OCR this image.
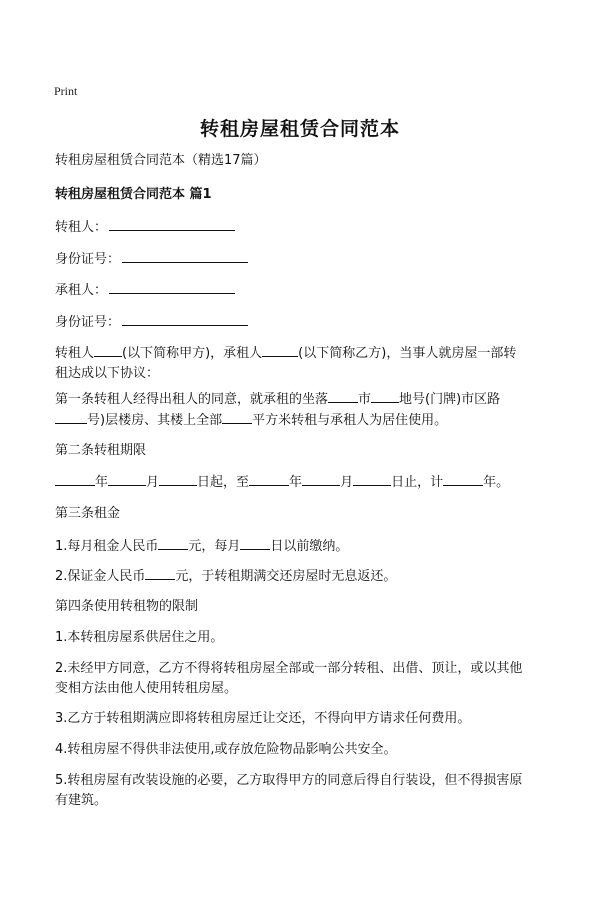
Print
转租房屋租赁合同范本
转租房屋租赁合同范本（精选17篇）
转租房屋租赁合同范本 篇1
转租人：
身份证号：
承租人：
身份证号：
转租人 (以下简称甲方)，承租人	(以下简称乙方)，当事人就房屋一部转
租达成以下协议：
第一条转租人经得出租人的同意，就承租的坐落 市 地号(门牌)市区路
号)层楼房、其楼上全部 平方米转租与承租人为居住使用。
第二条转租期限
年	月	日起，至	年	月	日止，计	年。
第三条租金
1.每月租金人民币 元，每月 日以前缴纳。
2.保证金人民币 元，于转租期满交还房屋时无息返还。
第四条使用转租物的限制
1.本转租房屋系供居住之用。
2.未经甲方同意，乙方不得将转租房屋全部或一部分转租、出借、顶让，或以其他
变相方法由他人使用转租房屋。
3.乙方于转租期满应即将转租房屋迁让交还，不得向甲方请求任何费用。
4.转租房屋不得供非法使用,或存放危险物品影响公共安全。
5.转租房屋有改装设施的必要，乙方取得甲方的同意后得自行装设，但不得损害原
有建筑。
